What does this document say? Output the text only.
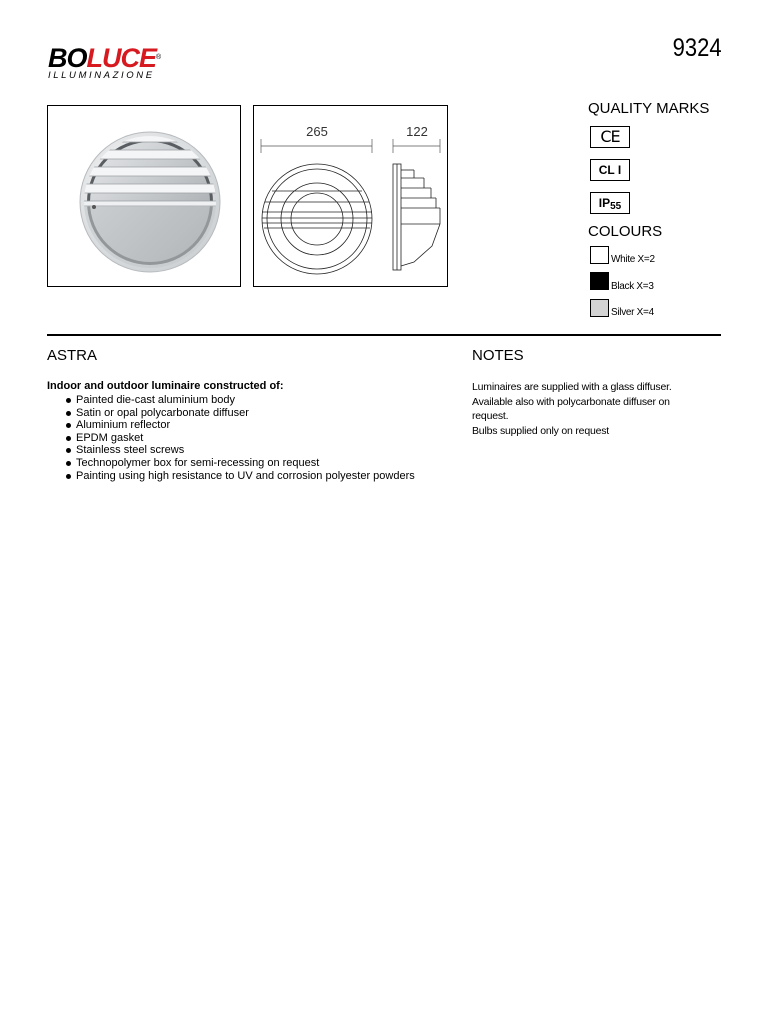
BOLUCE®
ILLUMINAZIONE
9324
265	122
QUALITY MARKS
CE
CL I
IP55
COLOURS
White X=2
Black X=3
Silver X=4
ASTRA
Indoor and outdoor luminaire constructed of:
Painted die-cast aluminium body
Satin or opal polycarbonate diffuser
Aluminium reflector
EPDM gasket
Stainless steel screws
Technopolymer box for semi-recessing on request
Painting using high resistance to UV and corrosion polyester powders
NOTES

Luminaires are supplied with a glass diffuser.

Available also with polycarbonate diffuser on

request.

Bulbs supplied only on request
